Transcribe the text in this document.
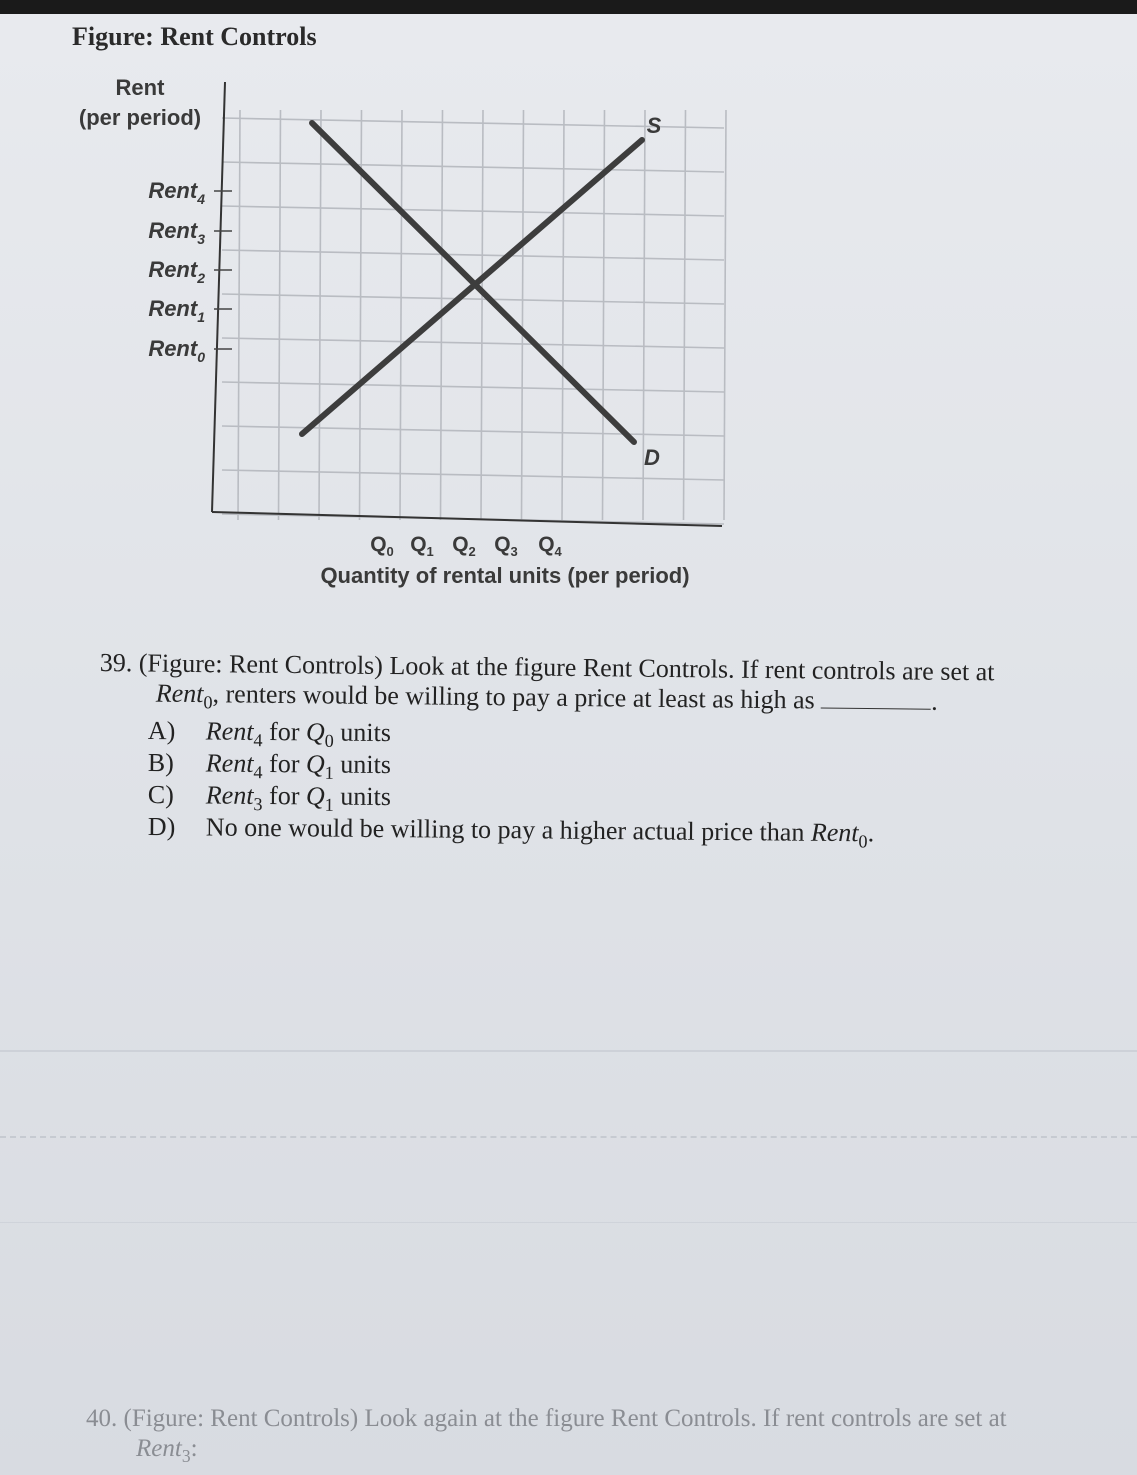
Figure: Rent Controls
Rent
(per period)	S
D
Rent$_4$
Rent$_3$
Rent$_2$
Rent$_1$
Rent$_0$
$Q_0$ $Q_1$ $Q_2$ $Q_3$ $Q_4$
Quantity of rental units (per period)
39. (Figure: Rent Controls) Look at the figure Rent Controls. If rent controls are set at
Rent$_0$, renters would be willing to pay a price at least as high as	.
A)	Rent$_4$ for $Q_0$ units
B)	Rent$_4$ for $Q_1$ units
C)	Rent$_3$ for $Q_1$ units
D)	No one would be willing to pay a higher actual price than Rent$_0$.
40. (Figure: Rent Controls) Look again at the figure Rent Controls. If rent controls are set at
Rent$_3$:
